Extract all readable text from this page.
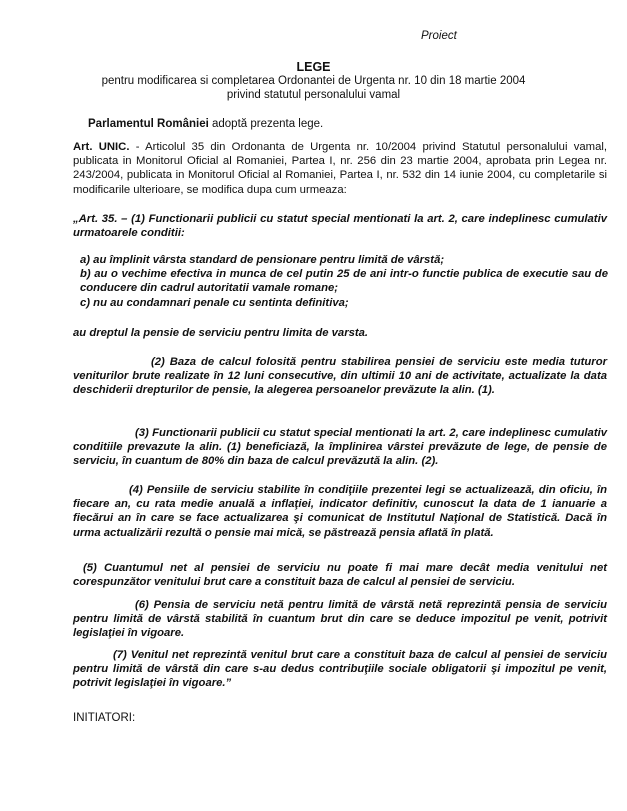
Proiect
LEGE
pentru modificarea si completarea Ordonantei de Urgenta nr. 10 din 18 martie 2004
privind statutul personalului vamal
Parlamentul României adoptă prezenta lege.
Art. UNIC. - Articolul 35 din Ordonanta de Urgenta nr. 10/2004 privind Statutul personalului vamal, publicata in Monitorul Oficial al Romaniei, Partea I, nr. 256 din 23 martie 2004, aprobata prin Legea nr. 243/2004, publicata in Monitorul Oficial al Romaniei, Partea I, nr. 532 din 14 iunie 2004, cu completarile si modificarile ulterioare, se modifica dupa cum urmeaza:
„Art. 35. – (1) Functionarii publicii cu statut special mentionati la art. 2, care indeplinesc cumulativ urmatoarele conditii:
a) au împlinit vârsta standard de pensionare pentru limită de vârstă;
b) au o vechime efectiva in munca de cel putin 25 de ani intr-o functie publica de executie sau de conducere din cadrul autoritatii vamale romane;
c) nu au condamnari penale cu sentinta definitiva;
au dreptul la pensie de serviciu pentru limita de varsta.
(2) Baza de calcul folosită pentru stabilirea pensiei de serviciu este media tuturor veniturilor brute realizate în 12 luni consecutive, din ultimii 10 ani de activitate, actualizate la data deschiderii drepturilor de pensie, la alegerea persoanelor prevăzute la alin. (1).
(3) Functionarii publicii cu statut special mentionati la art. 2, care indeplinesc cumulativ conditiile prevazute la alin. (1) beneficiază, la împlinirea vârstei prevăzute de lege, de pensie de serviciu, în cuantum de 80% din baza de calcul prevăzută la alin. (2).
(4) Pensiile de serviciu stabilite în condiţiile prezentei legi se actualizează, din oficiu, în fiecare an, cu rata medie anuală a inflaţiei, indicator definitiv, cunoscut la data de 1 ianuarie a fiecărui an în care se face actualizarea şi comunicat de Institutul Naţional de Statistică. Dacă în urma actualizării rezultă o pensie mai mică, se păstrează pensia aflată în plată.
(5) Cuantumul net al pensiei de serviciu nu poate fi mai mare decât media venitului net corespunzător venitului brut care a constituit baza de calcul al pensiei de serviciu.
(6) Pensia de serviciu netă pentru limită de vârstă netă reprezintă pensia de serviciu pentru limită de vârstă stabilită în cuantum brut din care se deduce impozitul pe venit, potrivit legislaţiei în vigoare.
(7) Venitul net reprezintă venitul brut care a constituit baza de calcul al pensiei de serviciu pentru limită de vârstă din care s-au dedus contribuţiile sociale obligatorii şi impozitul pe venit, potrivit legislaţiei în vigoare.”
INITIATORI:
